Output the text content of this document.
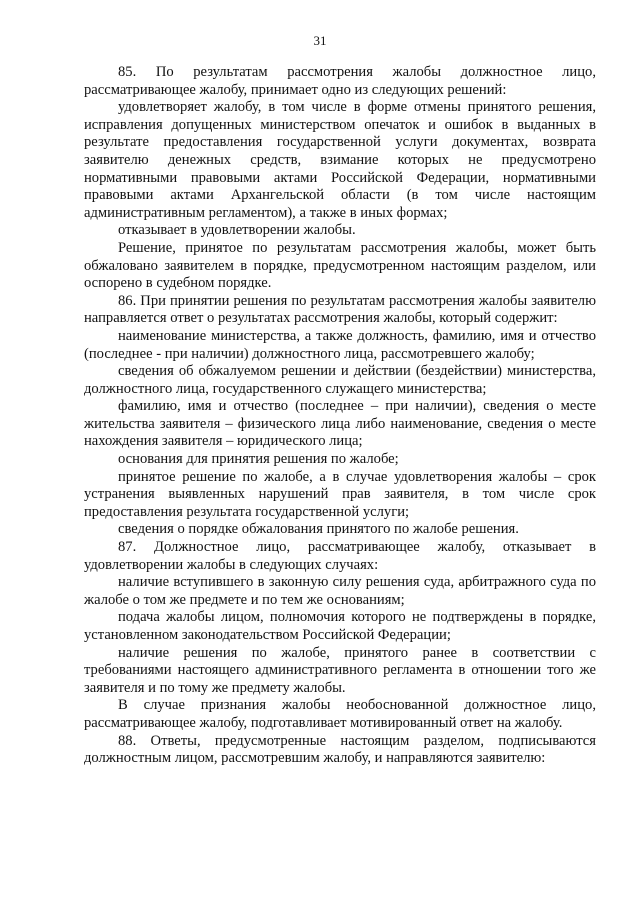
31

85. По результатам рассмотрения жалобы должностное лицо, рассматривающее жалобу, принимает одно из следующих решений:

удовлетворяет жалобу, в том числе в форме отмены принятого решения, исправления допущенных министерством опечаток и ошибок в выданных в результате предоставления государственной услуги документах, возврата заявителю денежных средств, взимание которых не предусмотрено нормативными правовыми актами Российской Федерации, нормативными правовыми актами Архангельской области (в том числе настоящим административным регламентом), а также в иных формах;

отказывает в удовлетворении жалобы.

Решение, принятое по результатам рассмотрения жалобы, может быть обжаловано заявителем в порядке, предусмотренном настоящим разделом, или оспорено в судебном порядке.

86. При принятии решения по результатам рассмотрения жалобы заявителю направляется ответ о результатах рассмотрения жалобы, который содержит:

наименование министерства, а также должность, фамилию, имя и отчество (последнее - при наличии) должностного лица, рассмотревшего жалобу;

сведения об обжалуемом решении и действии (бездействии) министерства, должностного лица, государственного служащего министерства;

фамилию, имя и отчество (последнее – при наличии), сведения о месте жительства заявителя – физического лица либо наименование, сведения о месте нахождения заявителя – юридического лица;

основания для принятия решения по жалобе;

принятое решение по жалобе, а в случае удовлетворения жалобы – срок устранения выявленных нарушений прав заявителя, в том числе срок предоставления результата государственной услуги;

сведения о порядке обжалования принятого по жалобе решения.

87. Должностное лицо, рассматривающее жалобу, отказывает в удовлетворении жалобы в следующих случаях:

наличие вступившего в законную силу решения суда, арбитражного суда по жалобе о том же предмете и по тем же основаниям;

подача жалобы лицом, полномочия которого не подтверждены в порядке, установленном законодательством Российской Федерации;

наличие решения по жалобе, принятого ранее в соответствии с требованиями настоящего административного регламента в отношении того же заявителя и по тому же предмету жалобы.

В случае признания жалобы необоснованной должностное лицо, рассматривающее жалобу, подготавливает мотивированный ответ на жалобу.

88. Ответы, предусмотренные настоящим разделом, подписываются должностным лицом, рассмотревшим жалобу, и направляются заявителю:
